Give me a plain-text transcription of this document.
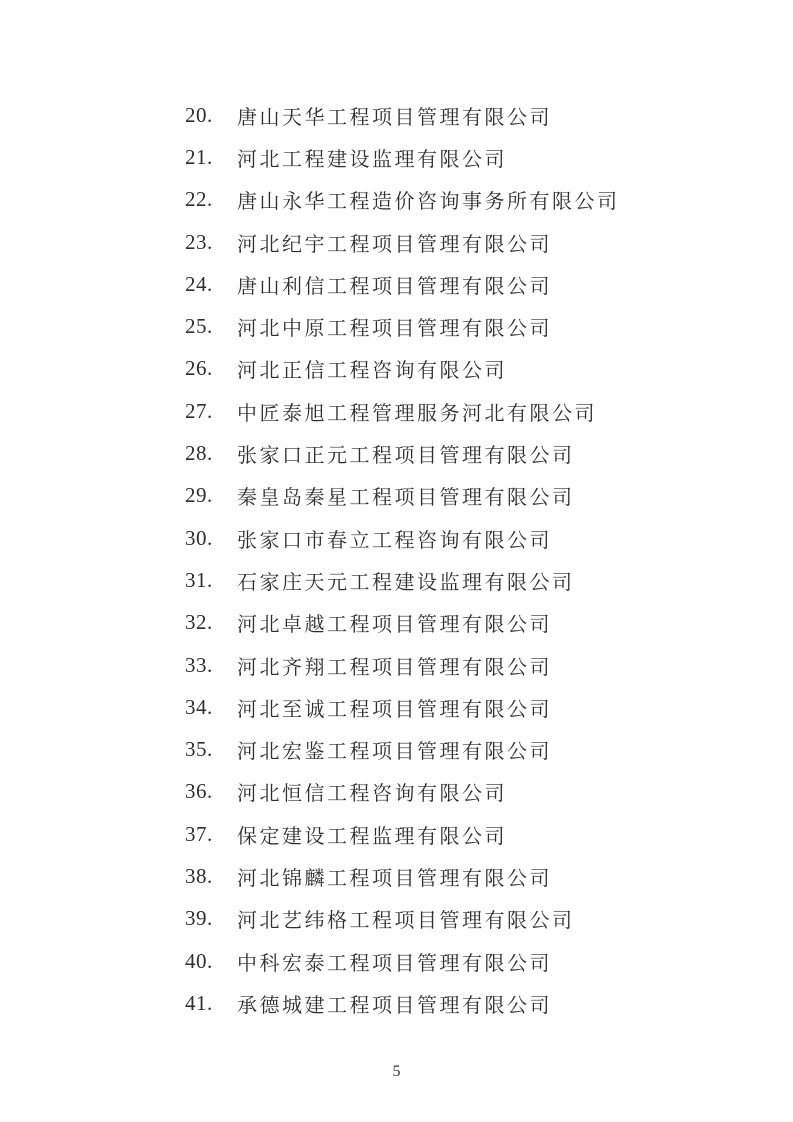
20.	唐山天华工程项目管理有限公司
21.	河北工程建设监理有限公司
22.	唐山永华工程造价咨询事务所有限公司
23.	河北纪宇工程项目管理有限公司
24.	唐山利信工程项目管理有限公司
25.	河北中原工程项目管理有限公司
26.	河北正信工程咨询有限公司
27.	中匠泰旭工程管理服务河北有限公司
28.	张家口正元工程项目管理有限公司
29.	秦皇岛秦星工程项目管理有限公司
30.	张家口市春立工程咨询有限公司
31.	石家庄天元工程建设监理有限公司
32.	河北卓越工程项目管理有限公司
33.	河北齐翔工程项目管理有限公司
34.	河北至诚工程项目管理有限公司
35.	河北宏鉴工程项目管理有限公司
36.	河北恒信工程咨询有限公司
37.	保定建设工程监理有限公司
38.	河北锦麟工程项目管理有限公司
39.	河北艺纬格工程项目管理有限公司
40.	中科宏泰工程项目管理有限公司
41.	承德城建工程项目管理有限公司
5
